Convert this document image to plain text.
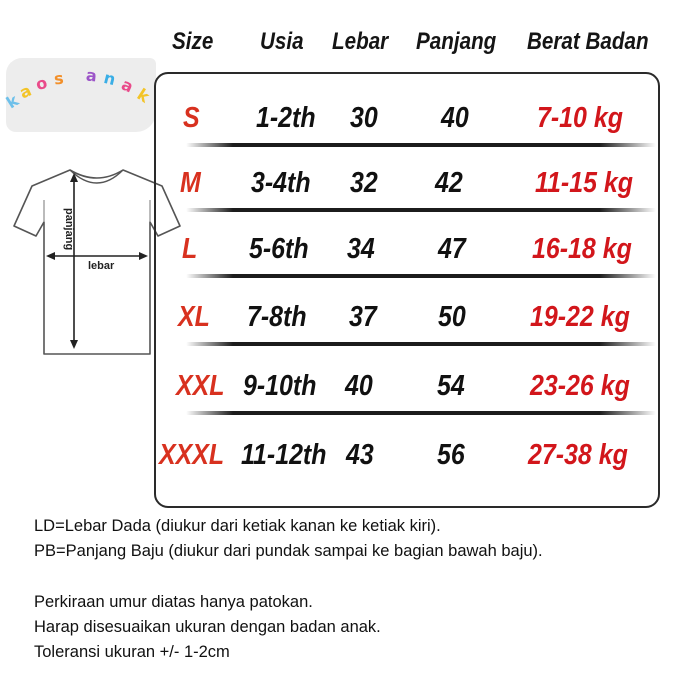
k
a o s a n a
k
panjang
lebar
Size Usia Lebar Panjang Berat Badan
S 1-2th 30 40 7-10 kg
M 3-4th 32 42 11-15 kg
L 5-6th 34 47 16-18 kg
XL 7-8th 37 50 19-22 kg
XXL 9-10th 40 54 23-26 kg
XXXL 11-12th 43 56 27-38 kg
LD=Lebar Dada (diukur dari ketiak kanan ke ketiak kiri).
PB=Panjang Baju (diukur dari pundak sampai ke bagian bawah baju).
Perkiraan umur diatas hanya patokan.
Harap disesuaikan ukuran dengan badan anak.
Toleransi ukuran +/- 1-2cm
